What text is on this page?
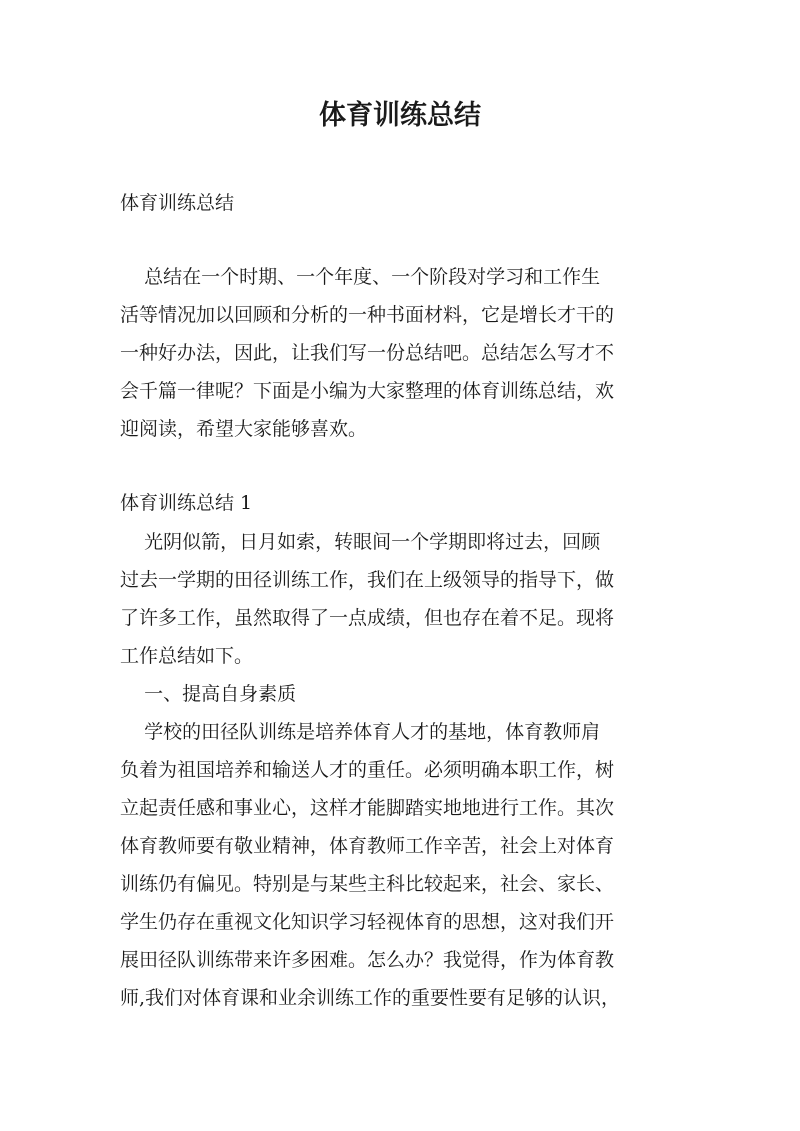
体育训练总结

体育训练总结

总结在一个时期、一个年度、一个阶段对学习和工作生

活等情况加以回顾和分析的一种书面材料，它是增长才干的

一种好办法，因此，让我们写一份总结吧。总结怎么写才不

会千篇一律呢？下面是小编为大家整理的体育训练总结，欢

迎阅读，希望大家能够喜欢。

体育训练总结 1

光阴似箭，日月如索，转眼间一个学期即将过去，回顾

过去一学期的田径训练工作，我们在上级领导的指导下，做

了许多工作，虽然取得了一点成绩，但也存在着不足。现将

工作总结如下。

一、提高自身素质

学校的田径队训练是培养体育人才的基地，体育教师肩

负着为祖国培养和输送人才的重任。必须明确本职工作，树

立起责任感和事业心，这样才能脚踏实地地进行工作。其次

体育教师要有敬业精神，体育教师工作辛苦，社会上对体育

训练仍有偏见。特别是与某些主科比较起来，社会、家长、

学生仍存在重视文化知识学习轻视体育的思想，这对我们开

展田径队训练带来许多困难。怎么办？我觉得，作为体育教

师,我们对体育课和业余训练工作的重要性要有足够的认识，
